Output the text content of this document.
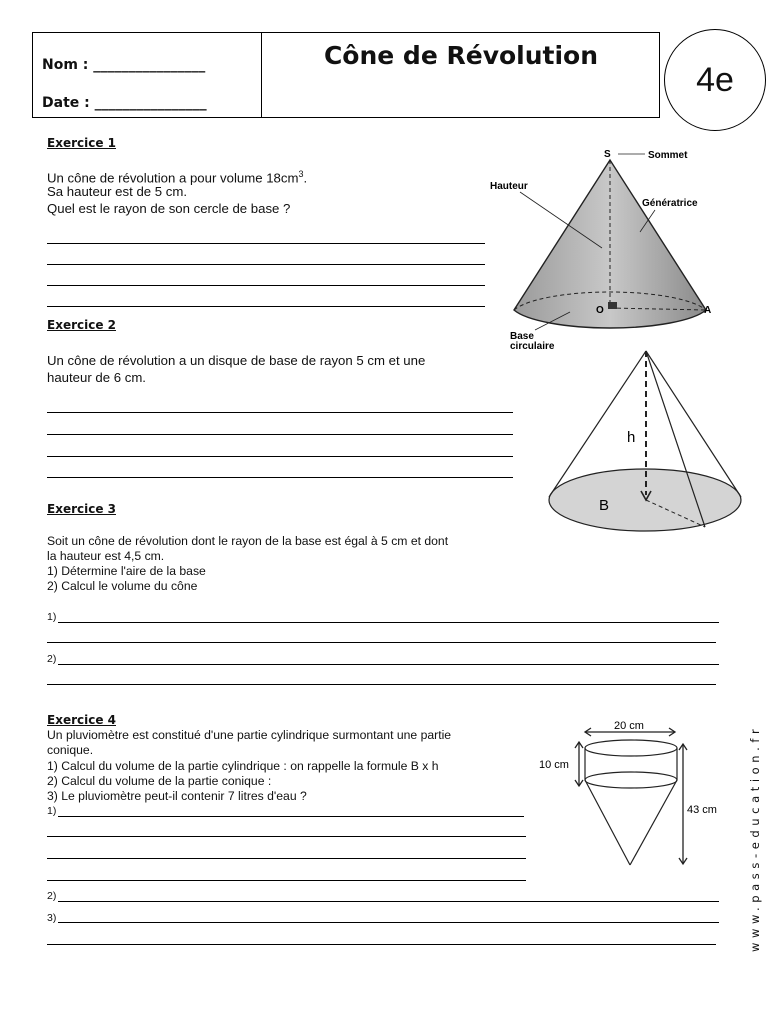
Nom : ________________
Date : ________________
Cône de Révolution
4e
Exercice 1
Un cône de révolution a pour volume $18cm^3$.
Sa hauteur est de 5 cm.
Quel est le rayon de son cercle de base ?
S	Sommet
Hauteur
Génératrice
O	A
Base
circulaire
Exercice 2
Un cône de révolution a un disque de base de rayon 5 cm et une
hauteur de 6 cm.
h
B
Exercice 3
Soit un cône de révolution dont le rayon de la base est égal à 5 cm et dont
la hauteur est 4,5 cm.
1) Détermine l'aire de la base
2) Calcul le volume du cône
1)
2)
Exercice 4
Un pluviomètre est constitué d'une partie cylindrique surmontant une partie
conique.
1) Calcul du volume de la partie cylindrique : on rappelle la formule B x h
2) Calcul du volume de la partie conique :
3) Le pluviomètre peut-il contenir 7 litres d'eau ?
1)
2)
3)
20 cm
10 cm
43 cm	www.pass-education.fr
